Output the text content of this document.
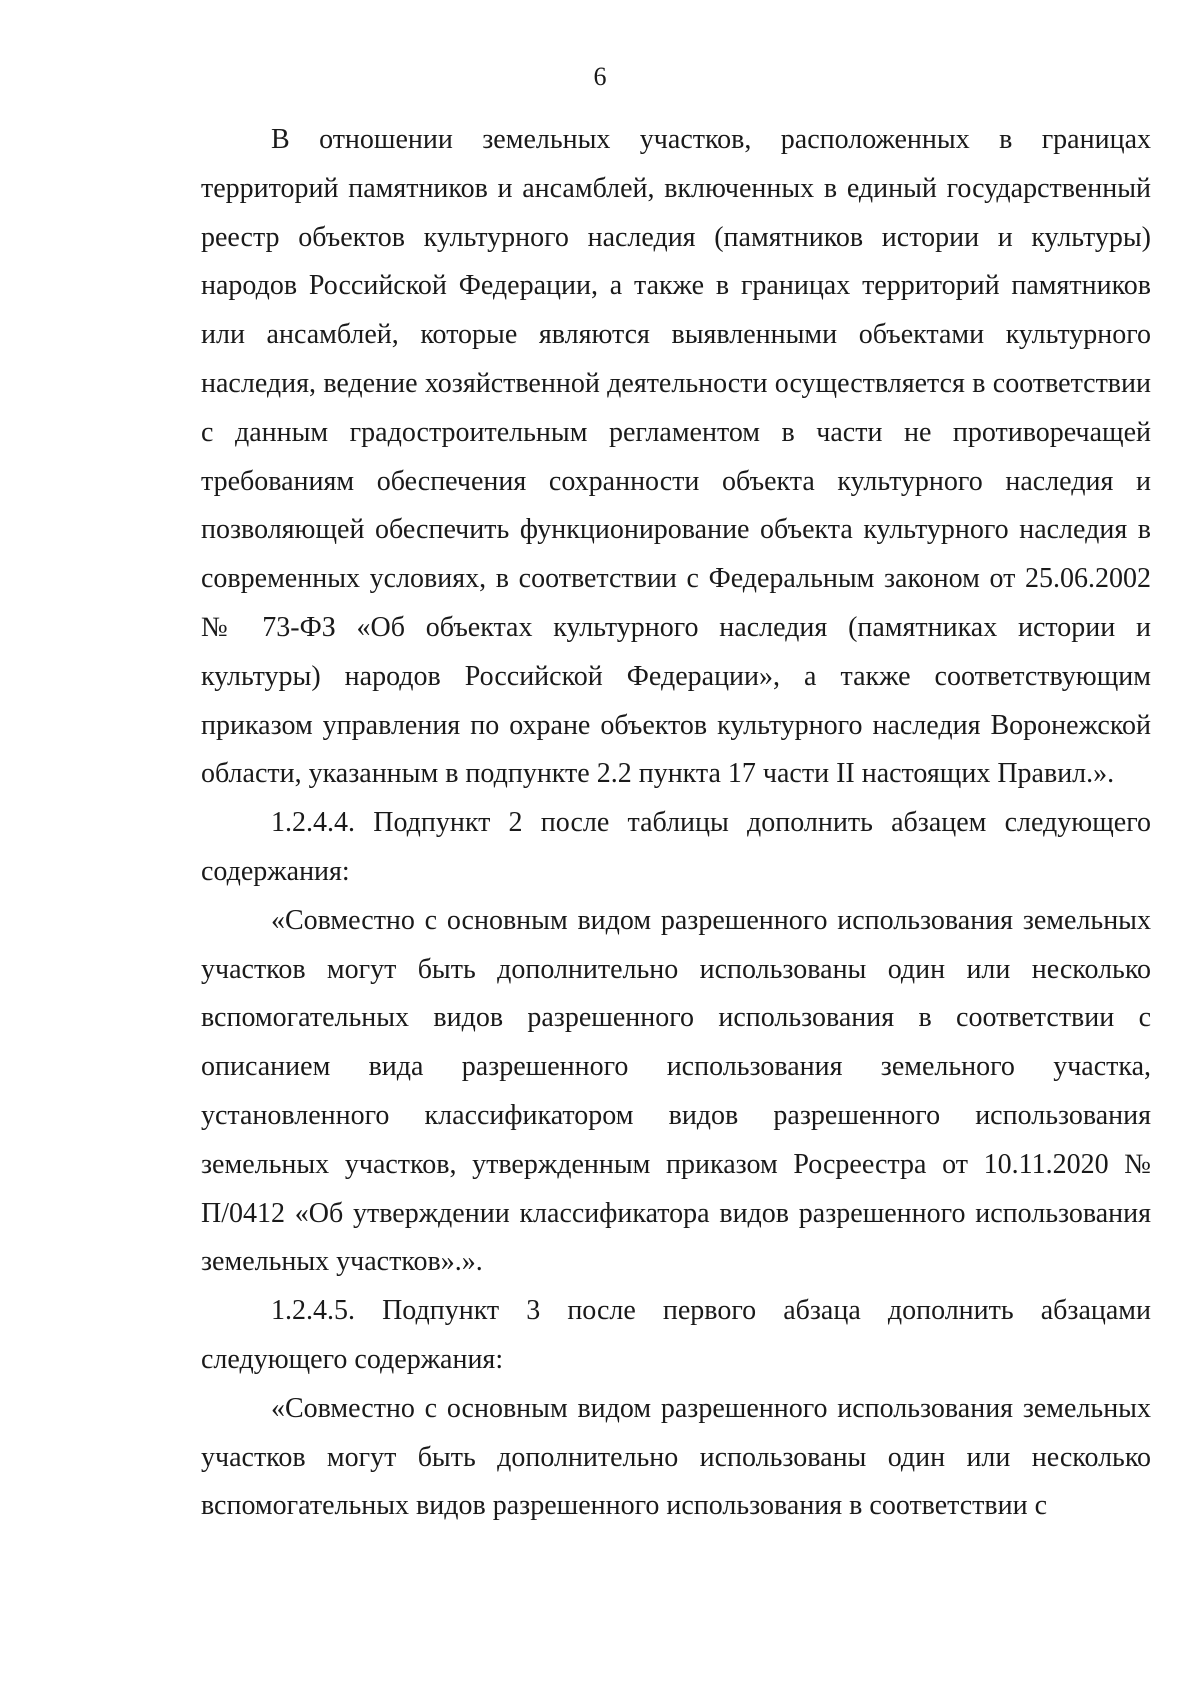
6

В отношении земельных участков, расположенных в границах территорий памятников и ансамблей, включенных в единый государственный реестр объектов культурного наследия (памятников истории и культуры) народов Российской Федерации, а также в границах территорий памятников или ансамблей, которые являются выявленными объектами культурного наследия, ведение хозяйственной деятельности осуществляется в соответствии с данным градостроительным регламентом в части не противоречащей требованиям обеспечения сохранности объекта культурного наследия и позволяющей обеспечить функционирование объекта культурного наследия в современных условиях, в соответствии с Федеральным законом от 25.06.2002 № 73-ФЗ «Об объектах культурного наследия (памятниках истории и культуры) народов Российской Федерации», а также соответствующим приказом управления по охране объектов культурного наследия Воронежской области, указанным в подпункте 2.2 пункта 17 части II настоящих Правил.».

1.2.4.4. Подпункт 2 после таблицы дополнить абзацем следующего содержания:

«Совместно с основным видом разрешенного использования земельных участков могут быть дополнительно использованы один или несколько вспомогательных видов разрешенного использования в соответствии с описанием вида разрешенного использования земельного участка, установленного классификатором видов разрешенного использования земельных участков, утвержденным приказом Росреестра от 10.11.2020 № П/0412 «Об утверждении классификатора видов разрешенного использования земельных участков».».

1.2.4.5. Подпункт 3 после первого абзаца дополнить абзацами следующего содержания:

«Совместно с основным видом разрешенного использования земельных участков могут быть дополнительно использованы один или несколько вспомогательных видов разрешенного использования в соответствии с
